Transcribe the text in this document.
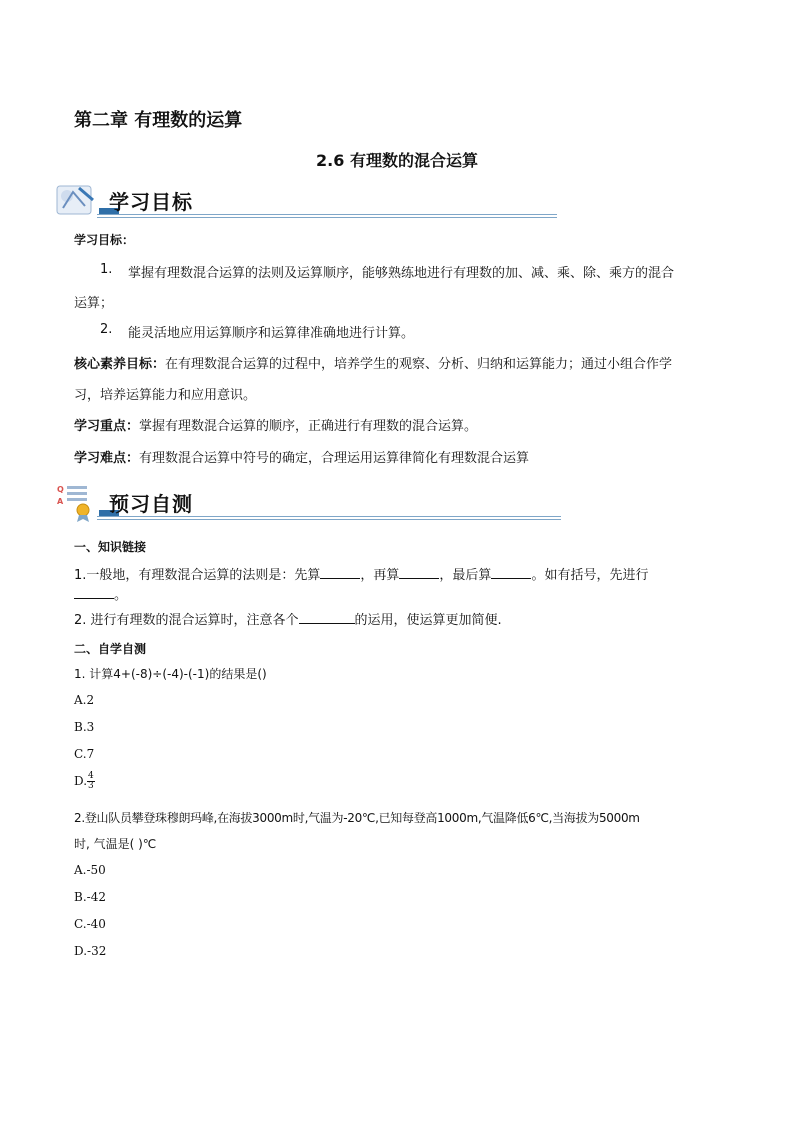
第二章 有理数的运算
2.6 有理数的混合运算
学习目标
学习目标：
1. 掌握有理数混合运算的法则及运算顺序，能够熟练地进行有理数的加、减、乘、除、乘方的混合
运算；
2. 能灵活地应用运算顺序和运算律准确地进行计算。
核心素养目标：在有理数混合运算的过程中，培养学生的观察、分析、归纳和运算能力；通过小组合作学
习，培养运算能力和应用意识。
学习重点：掌握有理数混合运算的顺序，正确进行有理数的混合运算。
学习难点：有理数混合运算中符号的确定，合理运用运算律简化有理数混合运算
Q
A 预习自测
一、知识链接
1.一般地，有理数混合运算的法则是：先算	，再算	，最后算	。如有括号，先进行
。
2. 进行有理数的混合运算时，注意各个	的运用，使运算更加简便.
二、自学自测
1. 计算4+(-8)÷(-4)-(-1)的结果是()
A.2
B.3
C.7
D. $\frac{4}{3}$
2.登山队员攀登珠穆朗玛峰,在海拔3000m时,气温为-20℃,已知每登高1000m,气温降低6℃,当海拔为5000m
时, 气温是( )℃
A.-50
B.-42
C.-40
D.-32
